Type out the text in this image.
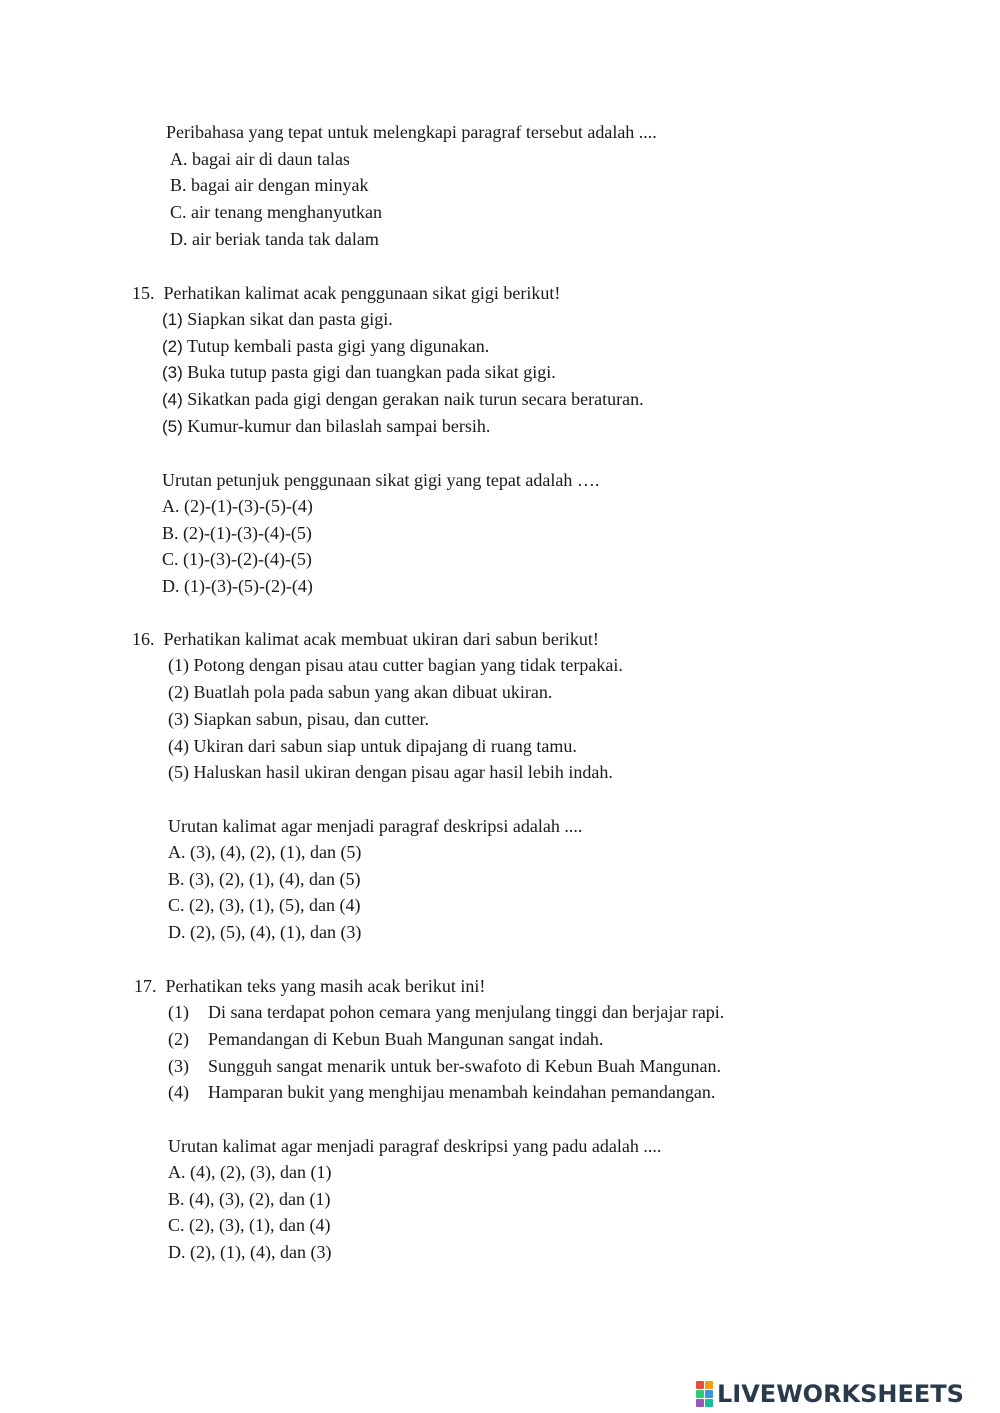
Peribahasa yang tepat untuk melengkapi paragraf tersebut adalah ....
A. bagai air di daun talas
B. bagai air dengan minyak
C. air tenang menghanyutkan
D. air beriak tanda tak dalam
15. Perhatikan kalimat acak penggunaan sikat gigi berikut!
(1) Siapkan sikat dan pasta gigi.
(2) Tutup kembali pasta gigi yang digunakan.
(3) Buka tutup pasta gigi dan tuangkan pada sikat gigi.
(4) Sikatkan pada gigi dengan gerakan naik turun secara beraturan.
(5) Kumur-kumur dan bilaslah sampai bersih.
Urutan petunjuk penggunaan sikat gigi yang tepat adalah ….
A. (2)-(1)-(3)-(5)-(4)
B. (2)-(1)-(3)-(4)-(5)
C. (1)-(3)-(2)-(4)-(5)
D. (1)-(3)-(5)-(2)-(4)
16. Perhatikan kalimat acak membuat ukiran dari sabun berikut!
(1) Potong dengan pisau atau cutter bagian yang tidak terpakai.
(2) Buatlah pola pada sabun yang akan dibuat ukiran.
(3) Siapkan sabun, pisau, dan cutter.
(4) Ukiran dari sabun siap untuk dipajang di ruang tamu.
(5) Haluskan hasil ukiran dengan pisau agar hasil lebih indah.
Urutan kalimat agar menjadi paragraf deskripsi adalah ....
A. (3), (4), (2), (1), dan (5)
B. (3), (2), (1), (4), dan (5)
C. (2), (3), (1), (5), dan (4)
D. (2), (5), (4), (1), dan (3)
17. Perhatikan teks yang masih acak berikut ini!
(1) Di sana terdapat pohon cemara yang menjulang tinggi dan berjajar rapi.
(2) Pemandangan di Kebun Buah Mangunan sangat indah.
(3) Sungguh sangat menarik untuk ber-swafoto di Kebun Buah Mangunan.
(4) Hamparan bukit yang menghijau menambah keindahan pemandangan.
Urutan kalimat agar menjadi paragraf deskripsi yang padu adalah ....
A. (4), (2), (3), dan (1)
B. (4), (3), (2), dan (1)
C. (2), (3), (1), dan (4)
D. (2), (1), (4), dan (3)
LIVEWORKSHEETS
